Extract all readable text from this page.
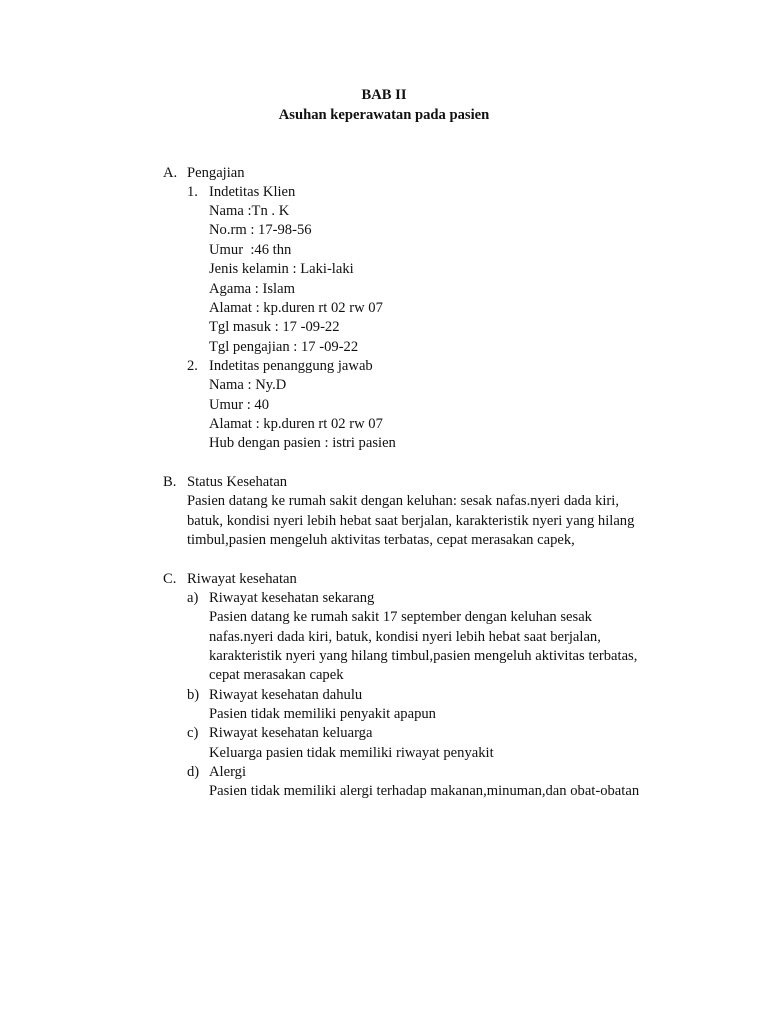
BAB II
Asuhan keperawatan pada pasien
A. Pengajian
1. Indetitas Klien
Nama :Tn . K
No.rm : 17-98-56
Umur  :46 thn
Jenis kelamin : Laki-laki
Agama : Islam
Alamat : kp.duren rt 02 rw 07
Tgl masuk : 17 -09-22
Tgl pengajian : 17 -09-22
2. Indetitas penanggung jawab
Nama : Ny.D
Umur : 40
Alamat : kp.duren rt 02 rw 07
Hub dengan pasien : istri pasien
B. Status Kesehatan
Pasien datang ke rumah sakit dengan keluhan: sesak nafas.nyeri dada kiri,
batuk, kondisi nyeri lebih hebat saat berjalan, karakteristik nyeri yang hilang
timbul,pasien mengeluh aktivitas terbatas, cepat merasakan capek,
C. Riwayat kesehatan
a) Riwayat kesehatan sekarang
Pasien datang ke rumah sakit 17 september dengan keluhan sesak
nafas.nyeri dada kiri, batuk, kondisi nyeri lebih hebat saat berjalan,
karakteristik nyeri yang hilang timbul,pasien mengeluh aktivitas terbatas,
cepat merasakan capek
b) Riwayat kesehatan dahulu
Pasien tidak memiliki penyakit apapun
c) Riwayat kesehatan keluarga
Keluarga pasien tidak memiliki riwayat penyakit
d) Alergi
Pasien tidak memiliki alergi terhadap makanan,minuman,dan obat-obatan
